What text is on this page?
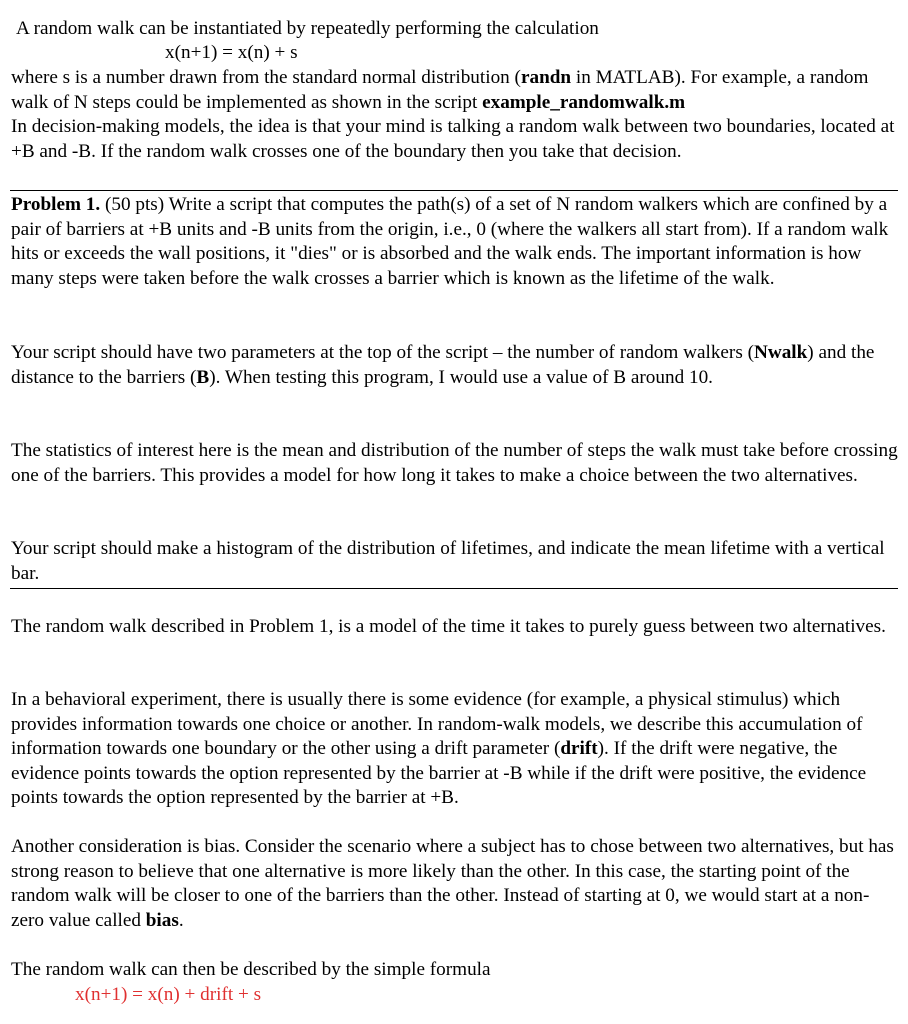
A random walk can be instantiated by repeatedly performing the calculation

x(n+1) = x(n) + s

where s is a number drawn from the standard normal distribution (randn in MATLAB). For example, a random walk of N steps could be implemented as shown in the script example_randomwalk.m

In decision-making models, the idea is that your mind is talking a random walk between two boundaries, located at +B and -B. If the random walk crosses one of the boundary then you take that decision.

Problem 1. (50 pts) Write a script that computes the path(s) of a set of N random walkers which are confined by a pair of barriers at +B units and -B units from the origin, i.e., 0 (where the walkers all start from). If a random walk hits or exceeds the wall positions, it "dies" or is absorbed and the walk ends. The important information is how many steps were taken before the walk crosses a barrier which is known as the lifetime of the walk.

Your script should have two parameters at the top of the script – the number of random walkers (Nwalk) and the distance to the barriers (B). When testing this program, I would use a value of B around 10.

The statistics of interest here is the mean and distribution of the number of steps the walk must take before crossing one of the barriers. This provides a model for how long it takes to make a choice between the two alternatives.

Your script should make a histogram of the distribution of lifetimes, and indicate the mean lifetime with a vertical bar.

The random walk described in Problem 1, is a model of the time it takes to purely guess between two alternatives.

In a behavioral experiment, there is usually there is some evidence (for example, a physical stimulus) which provides information towards one choice or another. In random-walk models, we describe this accumulation of information towards one boundary or the other using a drift parameter (drift). If the drift were negative, the evidence points towards the option represented by the barrier at -B while if the drift were positive, the evidence points towards the option represented by the barrier at +B.

Another consideration is bias. Consider the scenario where a subject has to chose between two alternatives, but has strong reason to believe that one alternative is more likely than the other. In this case, the starting point of the random walk will be closer to one of the barriers than the other. Instead of starting at 0, we would start at a non-zero value called bias.

The random walk can then be described by the simple formula

x(n+1) = x(n) + drift + s
